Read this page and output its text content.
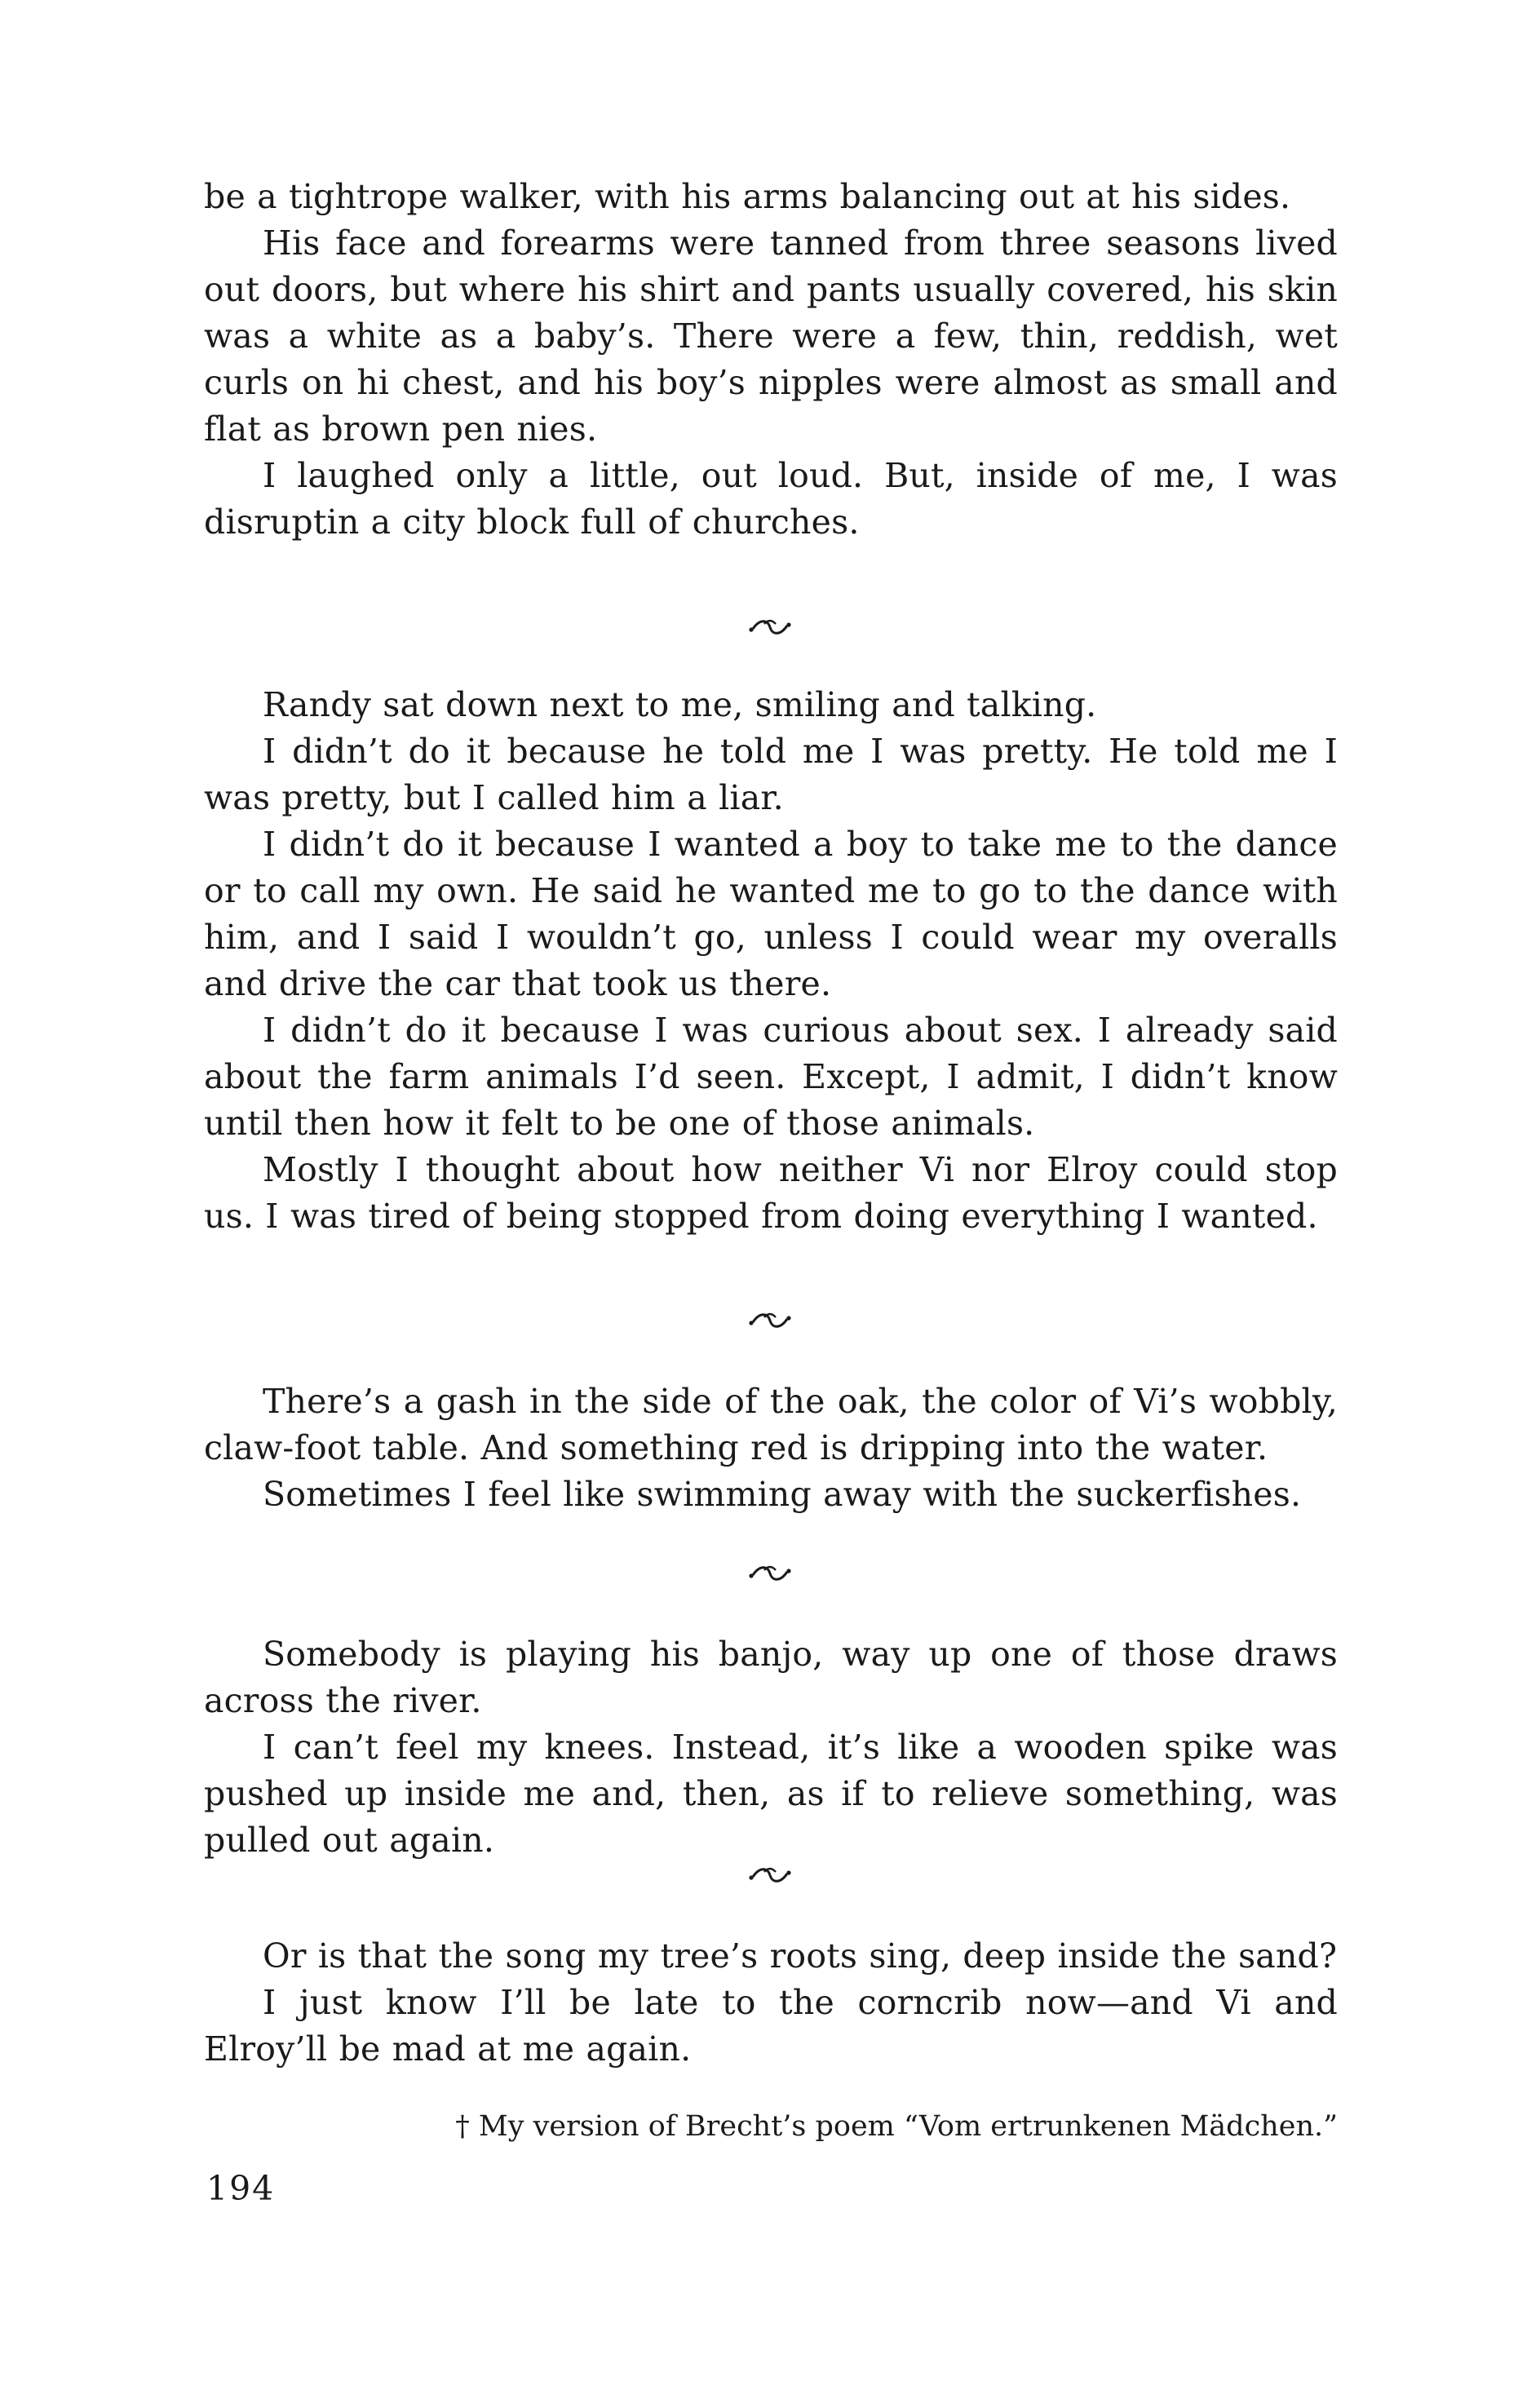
be a tightrope walker, with his arms balancing out at his sides.

His face and forearms were tanned from three seasons lived out doors, but where his shirt and pants usually covered, his skin was a white as a baby’s. There were a few, thin, reddish, wet curls on hi chest, and his boy’s nipples were almost as small and flat as brown pen nies.

I laughed only a little, out loud. But, inside of me, I was disruptin a city block full of churches.

Randy sat down next to me, smiling and talking.

I didn’t do it because he told me I was pretty. He told me I was pretty, but I called him a liar.

I didn’t do it because I wanted a boy to take me to the dance or to call my own. He said he wanted me to go to the dance with him, and I said I wouldn’t go, unless I could wear my overalls and drive the car that took us there.

I didn’t do it because I was curious about sex. I already said about the farm animals I’d seen. Except, I admit, I didn’t know until then how it felt to be one of those animals.

Mostly I thought about how neither Vi nor Elroy could stop us. I was tired of being stopped from doing everything I wanted.

There’s a gash in the side of the oak, the color of Vi’s wobbly, claw-foot table. And something red is dripping into the water.

Sometimes I feel like swimming away with the suckerfishes.

Somebody is playing his banjo, way up one of those draws across the river.

I can’t feel my knees. Instead, it’s like a wooden spike was pushed up inside me and, then, as if to relieve something, was pulled out again.

Or is that the song my tree’s roots sing, deep inside the sand?

I just know I’ll be late to the corncrib now—and Vi and Elroy’ll be mad at me again.

† My version of Brecht’s poem “Vom ertrunkenen Mädchen.”

194
